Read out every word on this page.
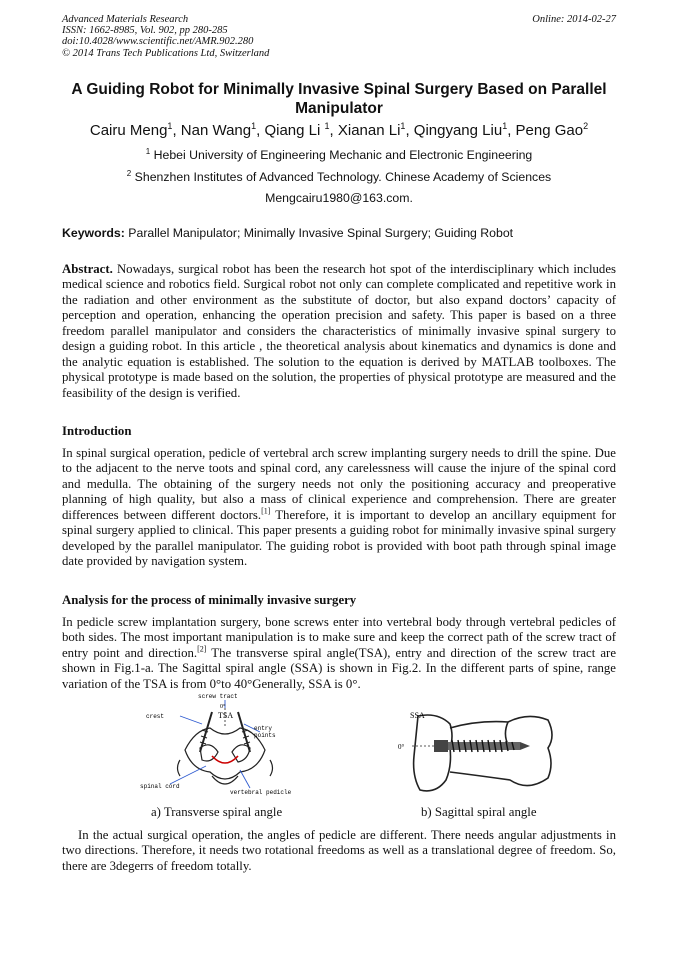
Advanced Materials Research
ISSN: 1662-8985, Vol. 902, pp 280-285
doi:10.4028/www.scientific.net/AMR.902.280
© 2014 Trans Tech Publications Ltd, Switzerland
Online: 2014-02-27
A Guiding Robot for Minimally Invasive Spinal Surgery Based on Parallel Manipulator
Cairu Meng$^1$, Nan Wang$^1$, Qiang Li $^1$, Xianan Li$^1$, Qingyang Liu$^1$, Peng Gao$^2$
$^1$ Hebei University of Engineering Mechanic and Electronic Engineering
$^2$ Shenzhen Institutes of Advanced Technology. Chinese Academy of Sciences
Mengcairu1980@163.com.
Keywords: Parallel Manipulator; Minimally Invasive Spinal Surgery; Guiding Robot
Abstract. Nowadays, surgical robot has been the research hot spot of the interdisciplinary which includes medical science and robotics field. Surgical robot not only can complete complicated and repetitive work in the radiation and other environment as the substitute of doctor, but also expand doctors’ capacity of perception and operation, enhancing the operation precision and safety. This paper is based on a three freedom parallel manipulator and considers the characteristics of minimally invasive spinal surgery to design a guiding robot. In this article , the theoretical analysis about kinematics and dynamics is done and the analytic equation is established. The solution to the equation is derived by MATLAB toolboxes. The physical prototype is made based on the solution, the properties of physical prototype are measured and the feasibility of the design is verified.
Introduction
In spinal surgical operation, pedicle of vertebral arch screw implanting surgery needs to drill the spine. Due to the adjacent to the nerve toots and spinal cord, any carelessness will cause the injure of the spinal cord and medulla. The obtaining of the surgery needs not only the positioning accuracy and preoperative planning of high quality, but also a mass of clinical experience and comprehension. There are greater differences between different doctors.[1] Therefore, it is important to develop an ancillary equipment for spinal surgery applied to clinical. This paper presents a guiding robot for minimally invasive spinal surgery developed by the parallel manipulator. The guiding robot is provided with boot path through spinal image date provided by navigation system.
Analysis for the process of minimally invasive surgery
In pedicle screw implantation surgery, bone screws enter into vertebral body through vertebral pedicles of both sides. The most important manipulation is to make sure and keep the correct path of the screw tract of entry point and direction.[2] The transverse spiral angle(TSA), entry and direction of the screw tract are shown in Fig.1-a. The Sagittal spiral angle (SSA) is shown in Fig.2. In the different parts of spine, range variation of the TSA is from 0°to 40°Generally, SSA is 0°.
screw tract
0°
TSA
crest
entry
points
spinal cord
vertebral pedicle
SSA
0°
a) Transverse spiral angle	b) Sagittal spiral angle
In the actual surgical operation, the angles of pedicle are different. There needs angular adjustments in two directions. Therefore, it needs two rotational freedoms as well as a translational degree of freedom. So, there are 3degerrs of freedom totally.
